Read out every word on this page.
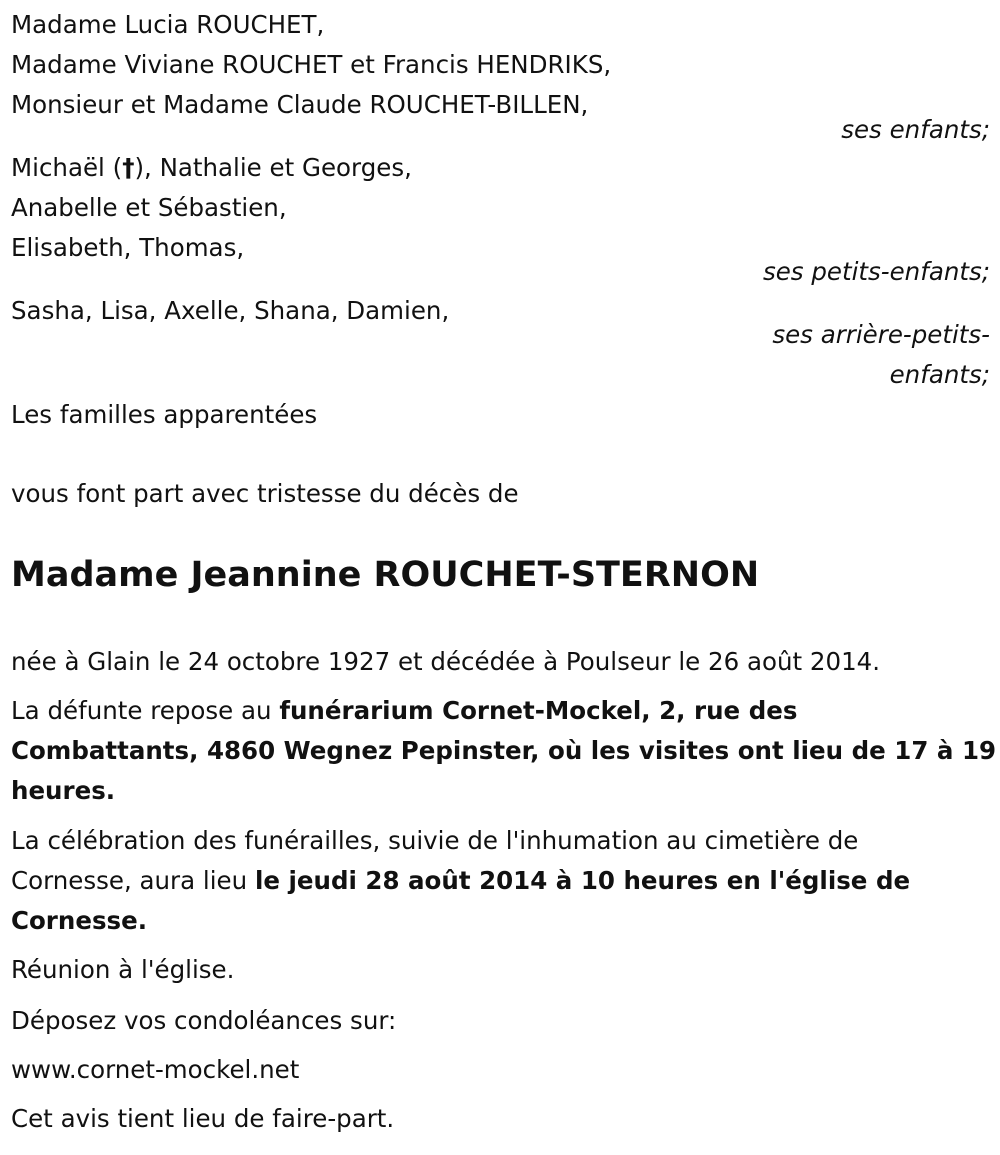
Madame Lucia ROUCHET,
Madame Viviane ROUCHET et Francis HENDRIKS,
Monsieur et Madame Claude ROUCHET-BILLEN,
ses enfants;
Michaël (†), Nathalie et Georges,
Anabelle et Sébastien,
Elisabeth, Thomas,
ses petits-enfants;
Sasha, Lisa, Axelle, Shana, Damien,
ses arrière-petits-
enfants;
Les familles apparentées
vous font part avec tristesse du décès de
Madame Jeannine ROUCHET-STERNON
née à Glain le 24 octobre 1927 et décédée à Poulseur le 26 août 2014.
La défunte repose au funérarium Cornet-Mockel, 2, rue des
Combattants, 4860 Wegnez Pepinster, où les visites ont lieu de 17 à 19
heures.
La célébration des funérailles, suivie de l'inhumation au cimetière de
Cornesse, aura lieu le jeudi 28 août 2014 à 10 heures en l'église de
Cornesse.
Réunion à l'église.
Déposez vos condoléances sur:
www.cornet-mockel.net
Cet avis tient lieu de faire-part.
